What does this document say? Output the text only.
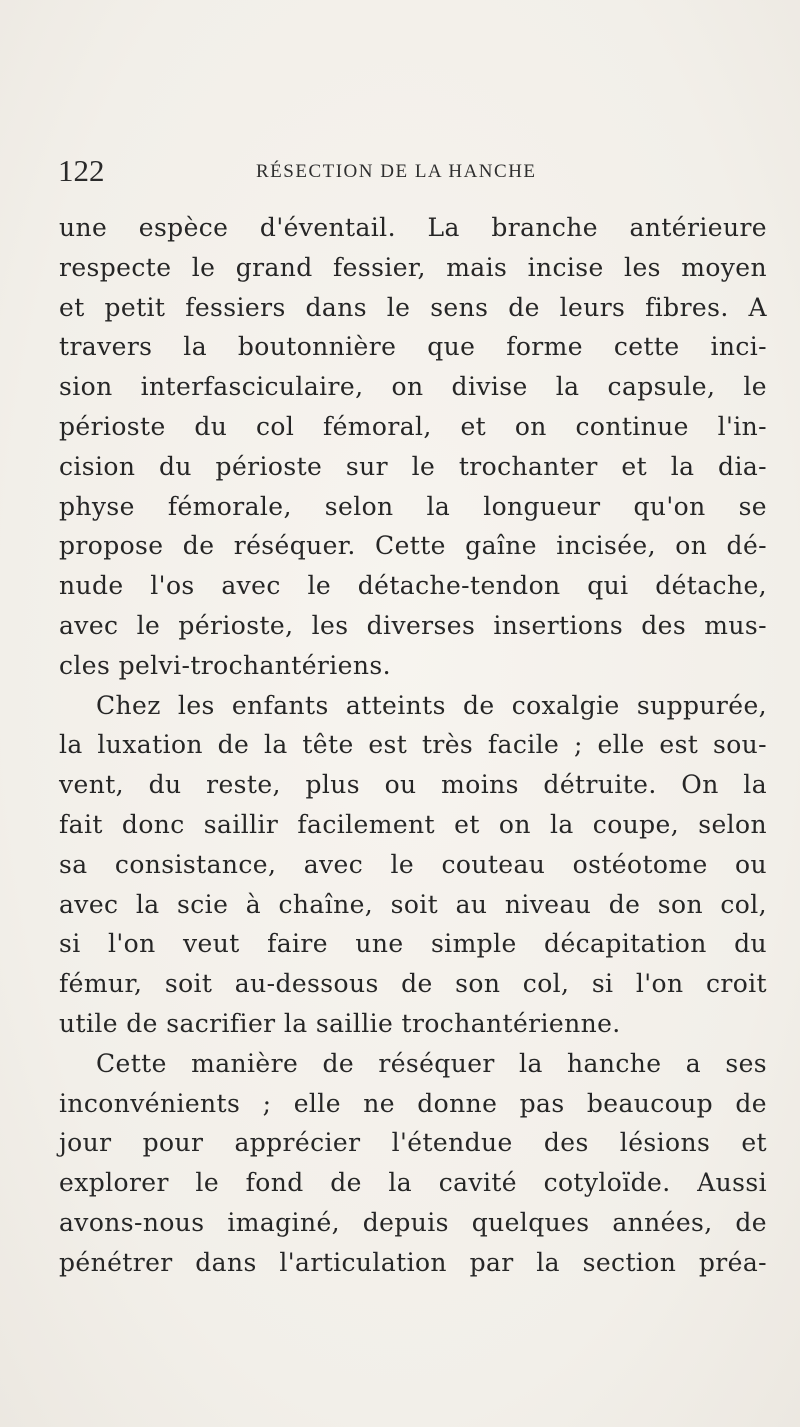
122	RÉSECTION DE LA HANCHE
une espèce d'éventail. La branche antérieure
respecte le grand fessier, mais incise les moyen
et petit fessiers dans le sens de leurs fibres. A
travers la boutonnière que forme cette inci-
sion interfasciculaire, on divise la capsule, le
périoste du col fémoral, et on continue l'in-
cision du périoste sur le trochanter et la dia-
physe fémorale, selon la longueur qu'on se
propose de réséquer. Cette gaîne incisée, on dé-
nude l'os avec le détache-tendon qui détache,
avec le périoste, les diverses insertions des mus-
cles pelvi-trochantériens.
Chez les enfants atteints de coxalgie suppurée,
la luxation de la tête est très facile ; elle est sou-
vent, du reste, plus ou moins détruite. On la
fait donc saillir facilement et on la coupe, selon
sa consistance, avec le couteau ostéotome ou
avec la scie à chaîne, soit au niveau de son col,
si l'on veut faire une simple décapitation du
fémur, soit au-dessous de son col, si l'on croit
utile de sacrifier la saillie trochantérienne.
Cette manière de réséquer la hanche a ses
inconvénients ; elle ne donne pas beaucoup de
jour pour apprécier l'étendue des lésions et
explorer le fond de la cavité cotyloïde. Aussi
avons-nous imaginé, depuis quelques années, de
pénétrer dans l'articulation par la section préa-
